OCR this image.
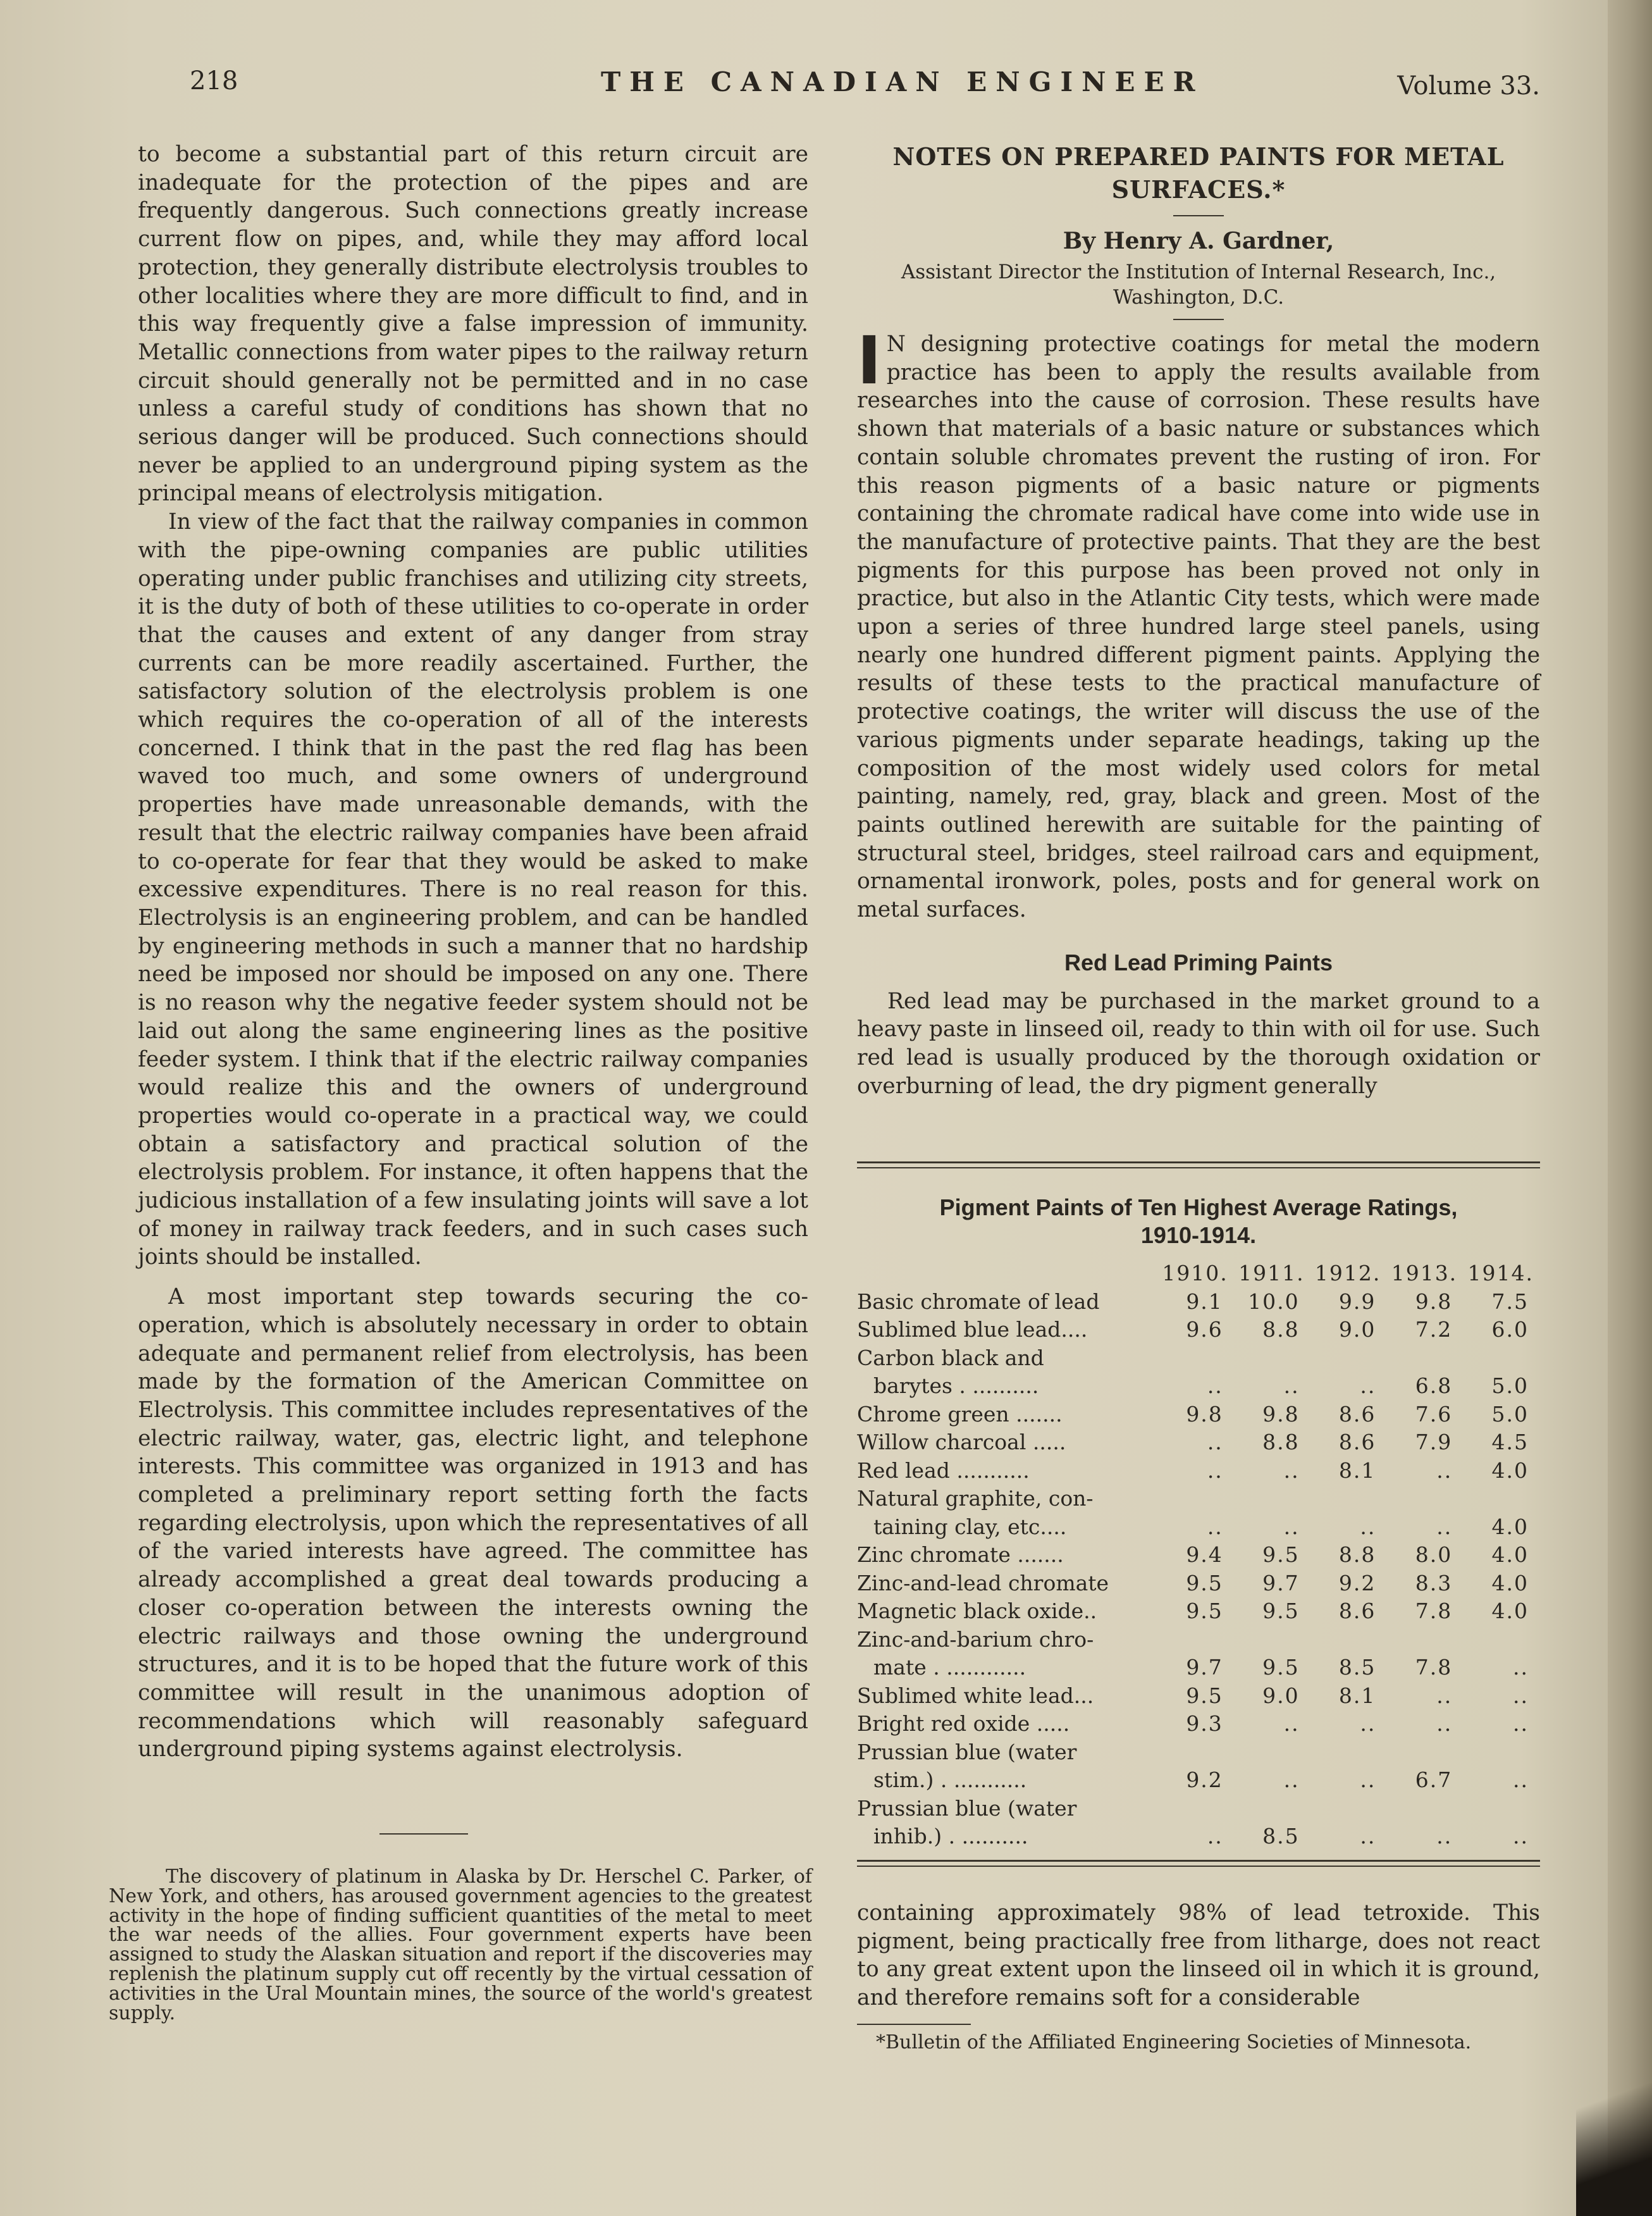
218	THE CANADIAN ENGINEER	Volume 33.

to become a substantial part of this return circuit are inadequate for the protection of the pipes and are frequently dangerous. Such connections greatly increase current flow on pipes, and, while they may afford local protection, they generally distribute electrolysis troubles to other localities where they are more difficult to find, and in this way frequently give a false impression of immunity. Metallic connections from water pipes to the railway return circuit should generally not be permitted and in no case unless a careful study of conditions has shown that no serious danger will be produced. Such connections should never be applied to an underground piping system as the principal means of electrolysis mitigation.

In view of the fact that the railway companies in common with the pipe-owning companies are public utilities operating under public franchises and utilizing city streets, it is the duty of both of these utilities to co-operate in order that the causes and extent of any danger from stray currents can be more readily ascertained. Further, the satisfactory solution of the electrolysis problem is one which requires the co-operation of all of the interests concerned. I think that in the past the red flag has been waved too much, and some owners of underground properties have made unreasonable demands, with the result that the electric railway companies have been afraid to co-operate for fear that they would be asked to make excessive expenditures. There is no real reason for this. Electrolysis is an engineering problem, and can be handled by engineering methods in such a manner that no hardship need be imposed nor should be imposed on any one. There is no reason why the negative feeder system should not be laid out along the same engineering lines as the positive feeder system. I think that if the electric railway companies would realize this and the owners of underground properties would co-operate in a practical way, we could obtain a satisfactory and practical solution of the electrolysis problem. For instance, it often happens that the judicious installation of a few insulating joints will save a lot of money in railway track feeders, and in such cases such joints should be installed.

A most important step towards securing the co-operation, which is absolutely necessary in order to obtain adequate and permanent relief from electrolysis, has been made by the formation of the American Committee on Electrolysis. This committee includes representatives of the electric railway, water, gas, electric light, and telephone interests. This committee was organized in 1913 and has completed a preliminary report setting forth the facts regarding electrolysis, upon which the representatives of all of the varied interests have agreed. The committee has already accomplished a great deal towards producing a closer co-operation between the interests owning the electric railways and those owning the underground structures, and it is to be hoped that the future work of this committee will result in the unanimous adoption of recommendations which will reasonably safeguard underground piping systems against electrolysis.

The discovery of platinum in Alaska by Dr. Herschel C. Parker, of New York, and others, has aroused government agencies to the greatest activity in the hope of finding sufficient quantities of the metal to meet the war needs of the allies. Four government experts have been assigned to study the Alaskan situation and report if the discoveries may replenish the platinum supply cut off recently by the virtual cessation of activities in the Ural Mountain mines, the source of the world's greatest supply.

NOTES ON PREPARED PAINTS FOR METAL SURFACES.*

By Henry A. Gardner,

Assistant Director the Institution of Internal Research, Inc.,
Washington, D.C.

I N designing protective coatings for metal the modern practice has been to apply the results available from researches into the cause of corrosion. These results have shown that materials of a basic nature or substances which contain soluble chromates prevent the rusting of iron. For this reason pigments of a basic nature or pigments containing the chromate radical have come into wide use in the manufacture of protective paints. That they are the best pigments for this purpose has been proved not only in practice, but also in the Atlantic City tests, which were made upon a series of three hundred large steel panels, using nearly one hundred different pigment paints. Applying the results of these tests to the practical manufacture of protective coatings, the writer will discuss the use of the various pigments under separate headings, taking up the composition of the most widely used colors for metal painting, namely, red, gray, black and green. Most of the paints outlined herewith are suitable for the painting of structural steel, bridges, steel railroad cars and equipment, ornamental ironwork, poles, posts and for general work on metal surfaces.

Red Lead Priming Paints

Red lead may be purchased in the market ground to a heavy paste in linseed oil, ready to thin with oil for use. Such red lead is usually produced by the thorough oxidation or overburning of lead, the dry pigment generally

Pigment Paints of Ten Highest Average Ratings,
1910-1914.

	1910.	1911.	1912.	1913.	1914.
Basic chromate of lead	9.1	10.0	9.9	9.8	7.5
Sublimed blue lead....	9.6	8.8	9.0	7.2	6.0
Carbon black and					
barytes . ..........	..	..	..	6.8	5.0
Chrome green .......	9.8	9.8	8.6	7.6	5.0
Willow charcoal .....	..	8.8	8.6	7.9	4.5
Red lead ...........	..	..	8.1	..	4.0
Natural graphite, con-					
taining clay, etc....	..	..	..	..	4.0
Zinc chromate .......	9.4	9.5	8.8	8.0	4.0
Zinc-and-lead chromate	9.5	9.7	9.2	8.3	4.0
Magnetic black oxide..	9.5	9.5	8.6	7.8	4.0
Zinc-and-barium chro-					
mate . ............	9.7	9.5	8.5	7.8	..
Sublimed white lead...	9.5	9.0	8.1	..	..
Bright red oxide .....	9.3	..	..	..	..
Prussian blue (water					
stim.) . ...........	9.2	..	..	6.7	..
Prussian blue (water					
inhib.) . ..........	..	8.5	..	..	..

containing approximately 98% of lead tetroxide. This pigment, being practically free from litharge, does not react to any great extent upon the linseed oil in which it is ground, and therefore remains soft for a considerable

*Bulletin of the Affiliated Engineering Societies of Minnesota.
